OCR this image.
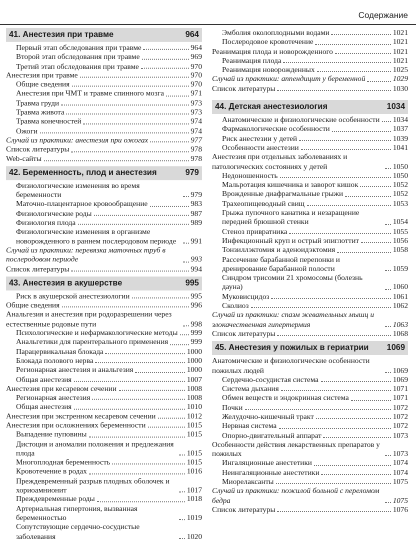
Содержание
41. Анестезия при травме	964
Первый этап обследования при травме	964
Второй этап обследования при травме	969
Третий этап обследования при травме	970
Анестезия при травме	970
Общие сведения	970
Анестезия при ЧМТ и травме спинного мозга	971
Травма груди	973
Травма живота	973
Травма конечностей	974
Ожоги	974
Случай из практики: анестезия при ожогах	977
Список литературы	978
Web-сайты	978
42. Беременность, плод и анестезия	979
Физиологические изменения во время беременности	979
Маточно-плацентарное кровообращение	983
Физиологические роды	987
Физиология плода	989
Физиологические изменения в организме новорожденного в раннем послеродовом периоде	991
Случай из практики: перевязка маточных труб в послеродовом периоде	993
Список литературы	994
43. Анестезия в акушерстве	995
Риск в акушерской анестезиологии	995
Общие сведения	996
Анальгезия и анестезия при родоразрешении через естественные родовые пути	998
Психологические и нефармакологические методы 999
Анальгетики для парентерального применения	999
Парацервикальная блокада	1000
Блокада полового нерва	1000
Регионарная анестезия и анальгезия	1000
Общая анестезия	1007
Анестезия при кесаревом сечении	1008
Регионарная анестезия	1008
Общая анестезия	1010
Анестезия при экстренном кесаревом сечении	1012
Анестезия при осложнениях беременности	1015
Выпадение пуповины	1015
Дистоция и аномалии положения и предлежания плода	1015
Многоплодная беременность	1015
Кровотечение в родах	1016
Преждевременный разрыв плодных оболочек и хориоамнионит	1017
Преждевременные роды	1018
Артериальная гипертония, вызванная беременностью	1019
Сопутствующие сердечно-сосудистые заболевания	1020
Эмболия околоплодными водами	1021
Послеродовое кровотечение	1021
Реанимация плода и новорожденного	1021
Реанимация плода	1021
Реанимация новорожденных	1025
Случай из практики: аппендицит у беременной	1029
Список литературы	1030
44. Детская анестезиология	1034
Анатомические и физиологические особенности 1034
Фармакологические особенности	1037
Риск анестезии у детей	1039
Особенности анестезии	1041
Анестезия при отдельных заболеваниях и патологических состояниях у детей	1050
Недоношенность	1050
Мальротация кишечника и заворот кишок	1052
Врожденные диафрагмальные грыжи	1052
Трахеопищеводный свищ	1053
Грыжа пупочного канатика и незаращение передней брюшной стенки	1054
Стеноз привратника	1055
Инфекционный круп и острый эпиглоттит	1056
Тонзиллэктомия и аденоидэктомия	1058
Рассечение барабанной перепонки и дренирование барабанной полости	1059
Синдром трисомии 21 хромосомы (болезнь дауна)	1060
Муковисцидоз	1061
Сколиоз	1062
Случай из практики: спазм жевательных мышц и злокачественная гипертермия	1063
Список литературы	1068
45. Анестезия у пожилых в гериатрии 1069
Анатомические и физиологические особенности пожилых людей	1069
Сердечно-сосудистая система	1069
Система дыхания	1071
Обмен веществ и эндокринная система	1071
Почки	1072
Желудочно-кишечный тракт	1072
Нервная система	1072
Опорно-двигательный аппарат	1073
Особенности действия лекарственных препаратов у пожилых	1073
Ингаляционные анестетики	1074
Неингаляционные анестетики	1074
Миорелаксанты	1075
Случай из практики: пожилой больной с переломом бедра	1075
Список литературы	1076
